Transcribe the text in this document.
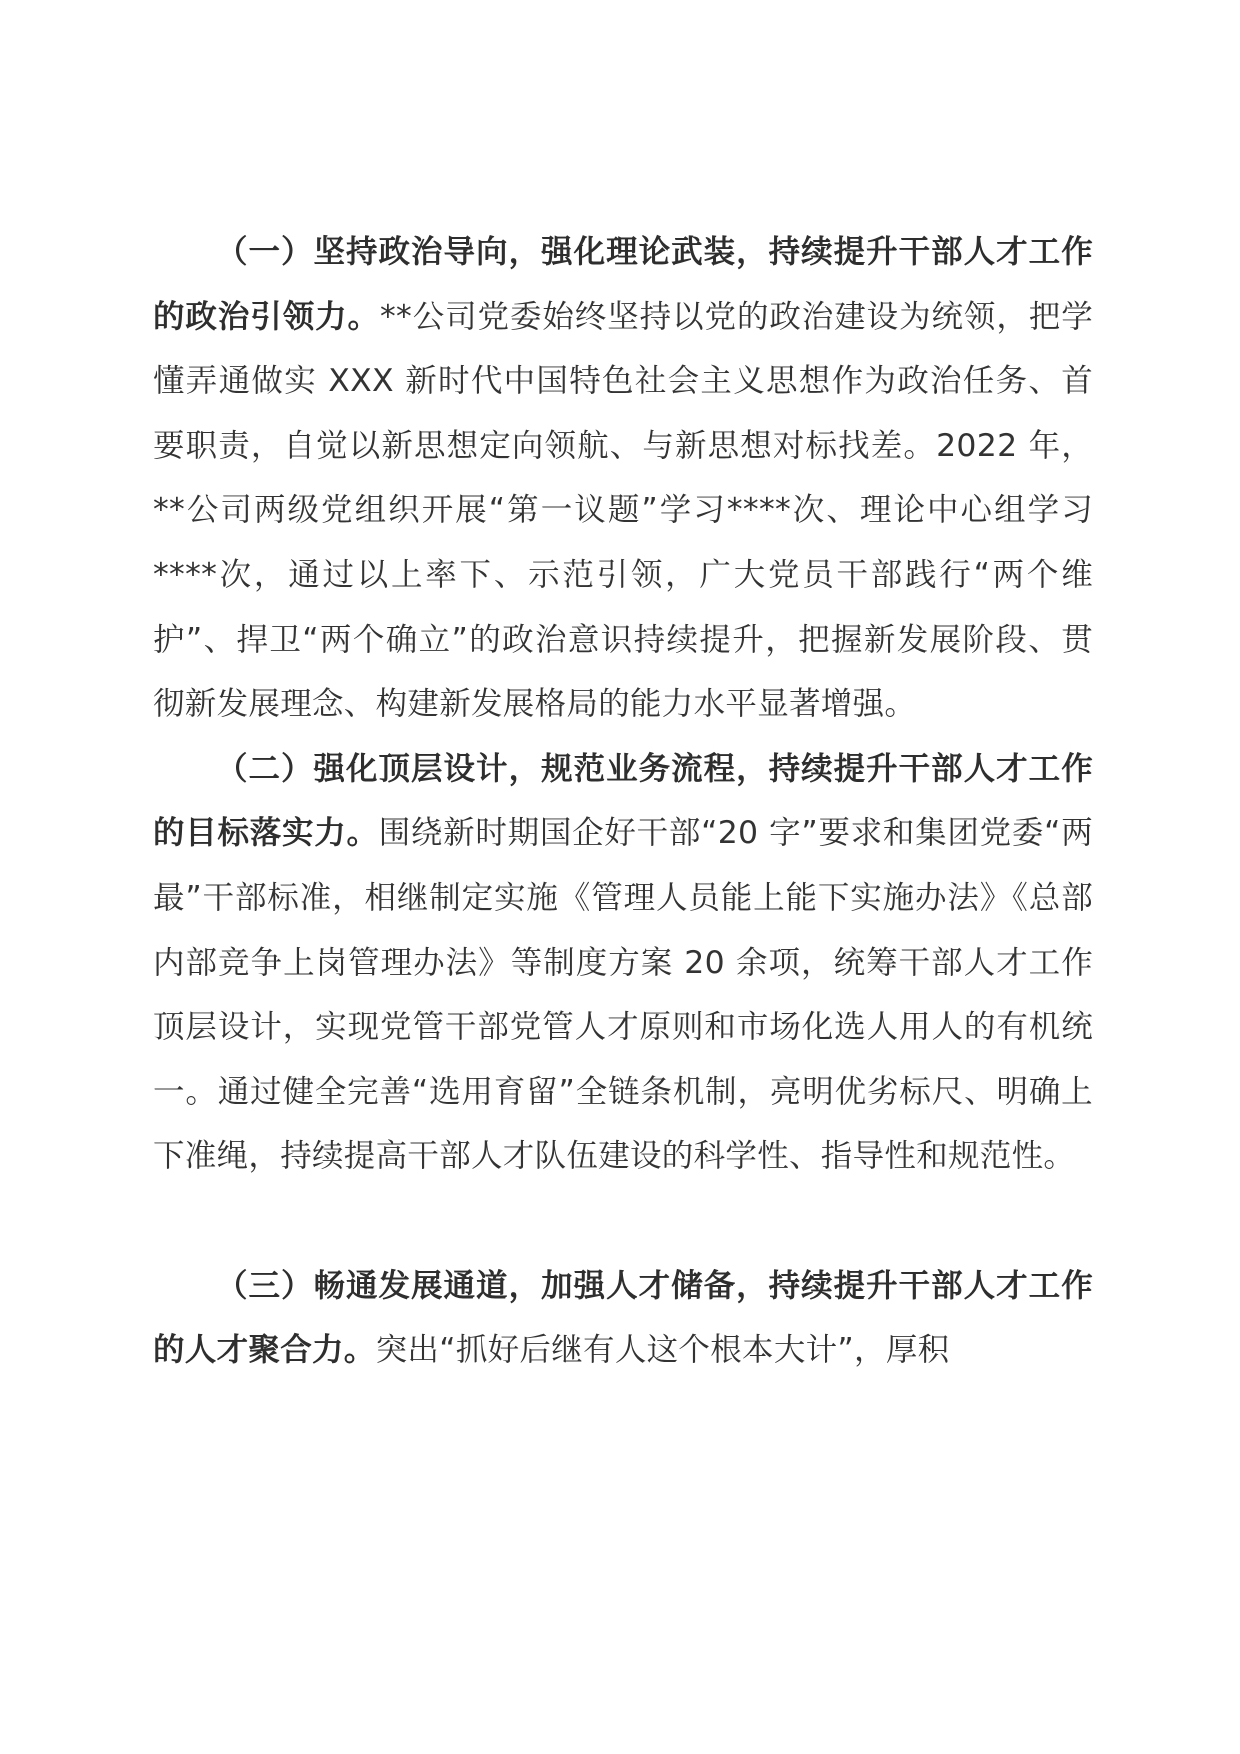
（一）坚持政治导向，强化理论武装，持续提升干部人才工作的政治引领力。**公司党委始终坚持以党的政治建设为统领，把学懂弄通做实 XXX 新时代中国特色社会主义思想作为政治任务、首要职责，自觉以新思想定向领航、与新思想对标找差。2022 年，**公司两级党组织开展“第一议题”学习****次、理论中心组学习****次，通过以上率下、示范引领，广大党员干部践行“两个维护”、捍卫“两个确立”的政治意识持续提升，把握新发展阶段、贯彻新发展理念、构建新发展格局的能力水平显著增强。

（二）强化顶层设计，规范业务流程，持续提升干部人才工作的目标落实力。围绕新时期国企好干部“20 字”要求和集团党委“两最”干部标准，相继制定实施《管理人员能上能下实施办法》《总部内部竞争上岗管理办法》等制度方案 20 余项，统筹干部人才工作顶层设计，实现党管干部党管人才原则和市场化选人用人的有机统一。通过健全完善“选用育留”全链条机制，亮明优劣标尺、明确上下准绳，持续提高干部人才队伍建设的科学性、指导性和规范性。

（三）畅通发展通道，加强人才储备，持续提升干部人才工作的人才聚合力。突出“抓好后继有人这个根本大计”，厚积
